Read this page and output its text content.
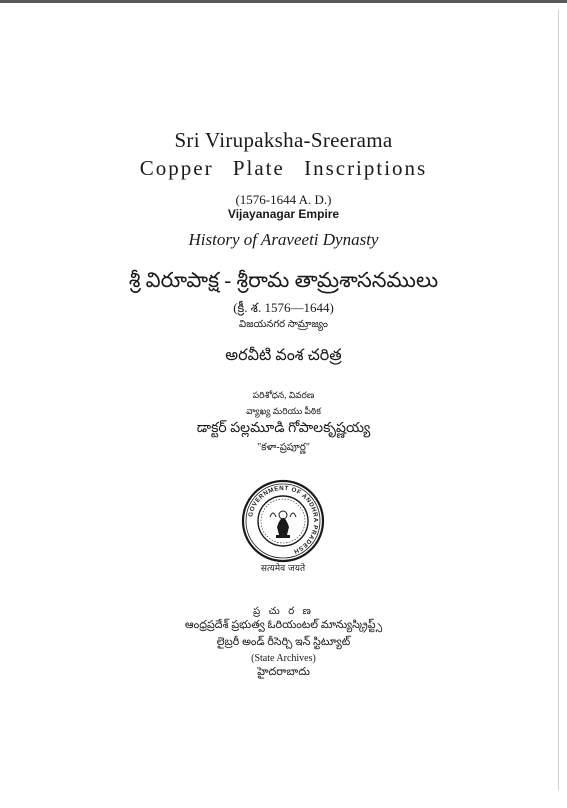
Sri Virupaksha-Sreerama
Copper Plate Inscriptions
(1576-1644 A. D.)
Vijayanagar Empire
History of Araveeti Dynasty
శ్రీ విరూపాక్ష - శ్రీరామ తామ్రశాసనములు
(క్రీ. శ. 1576—1644)
విజయనగర సామ్రాజ్యం
అరవీటి వంశ చరిత్ర
పరిశోధన, వివరణ
వ్యాఖ్య మరియు పీఠిక
డాక్టర్ పల్లమూడి గోపాలకృష్ణయ్య
"కళా-ప్రపూర్ణ"
GOVERNMENT OF ANDHRA PRADESH
सत्यमेव जयते
ప్ర చు ర ణ
ఆంధ్రప్రదేశ్ ప్రభుత్వ ఓరియంటల్ మాన్యుస్క్రిప్ట్స్
లైబ్రరీ అండ్ రీసెర్చి ఇన్ స్టిట్యూట్
(State Archives)
హైదరాబాదు
